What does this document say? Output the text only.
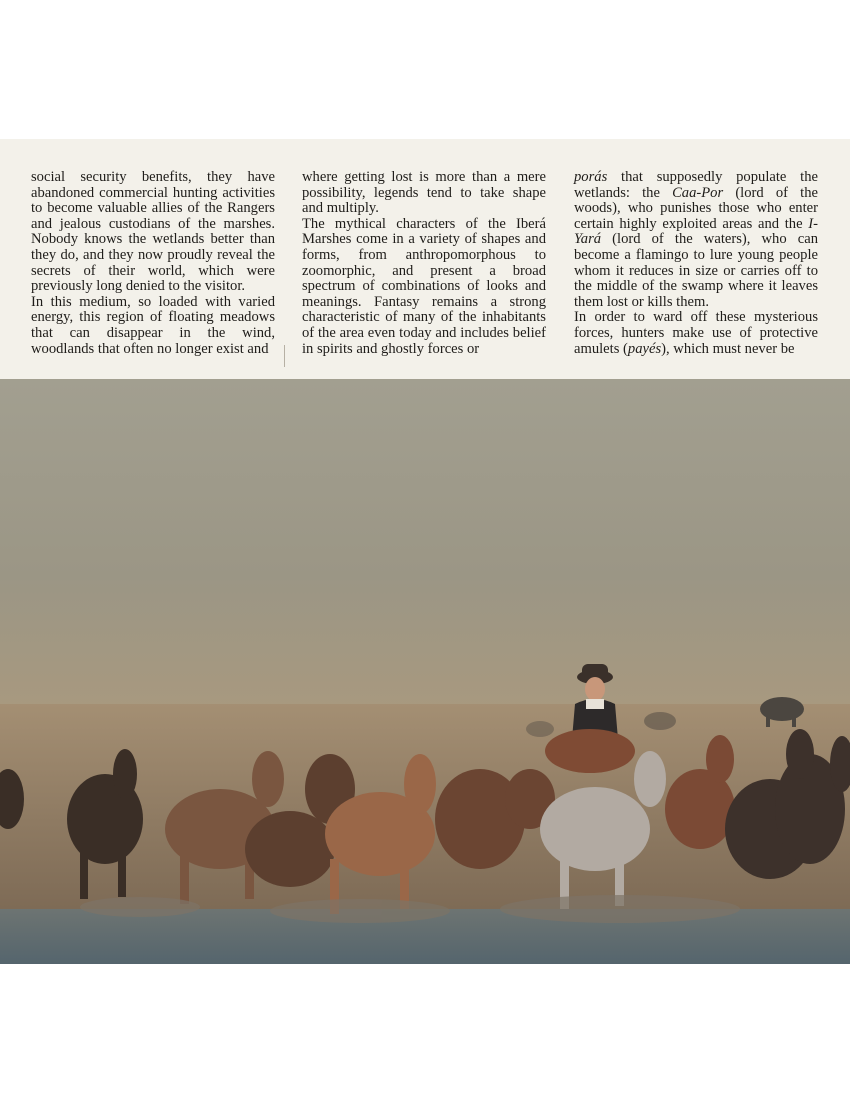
social security benefits, they have abandoned commercial hunting activities to become valuable allies of the Rangers and jealous custodians of the marshes. Nobody knows the wetlands better than they do, and they now proudly reveal the secrets of their world, which were previously long denied to the visitor.

In this medium, so loaded with varied energy, this region of floating meadows that can disappear in the wind, woodlands that often no longer exist and

where getting lost is more than a mere possibility, legends tend to take shape and multiply.

The mythical characters of the Iberá Marshes come in a variety of shapes and forms, from anthropomorphous to zoomorphic, and present a broad spectrum of combinations of looks and meanings. Fantasy remains a strong characteristic of many of the inhabitants of the area even today and includes belief in spirits and ghostly forces or

porás that supposedly populate the wetlands: the Caa-Por (lord of the woods), who punishes those who enter certain highly exploited areas and the I-Yará (lord of the waters), who can become a flamingo to lure young people whom it reduces in size or carries off to the middle of the swamp where it leaves them lost or kills them.

In order to ward off these mysterious forces, hunters make use of protective amulets (payés), which must never be
